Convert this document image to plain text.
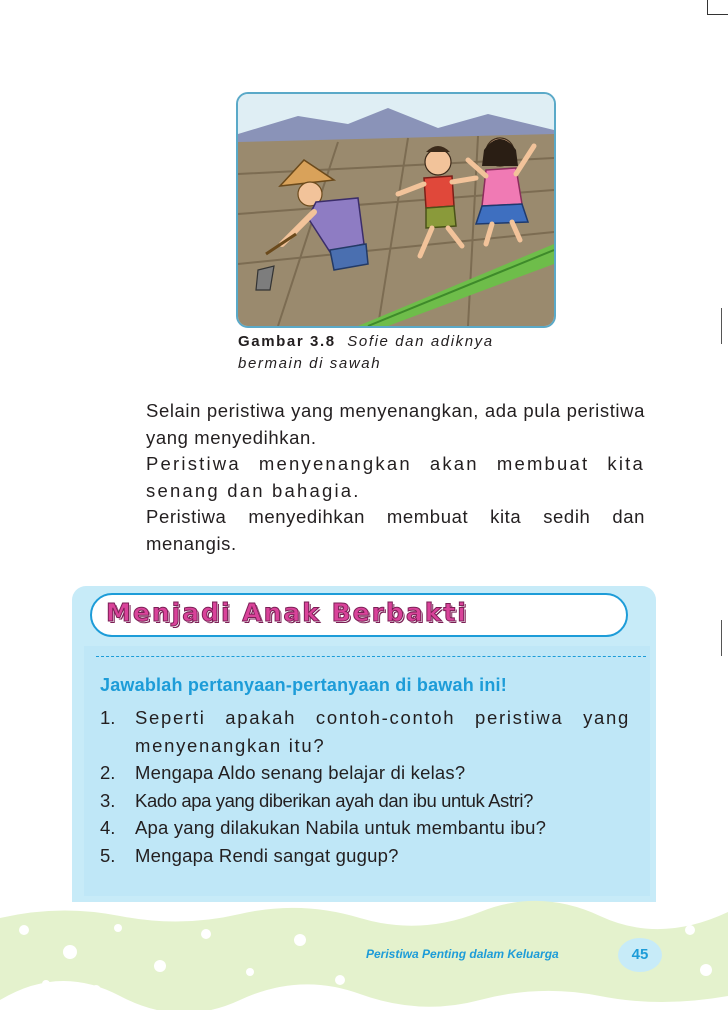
Gambar 3.8 Sofie dan adiknya bermain di sawah

Selain peristiwa yang menyenangkan, ada pula peristiwa yang menyedihkan.

Peristiwa menyenangkan akan membuat kita senang dan bahagia.

Peristiwa menyedihkan membuat kita sedih dan menangis.

Menjadi Anak Berbakti
Jawablah pertanyaan-pertanyaan di bawah ini!
1. Seperti apakah contoh-contoh peristiwa yang menyenangkan itu?
2. Mengapa Aldo senang belajar di kelas?
3. Kado apa yang diberikan ayah dan ibu untuk Astri?
4. Apa yang dilakukan Nabila untuk membantu ibu?
5. Mengapa Rendi sangat gugup?
Peristiwa Penting dalam Keluarga	45
